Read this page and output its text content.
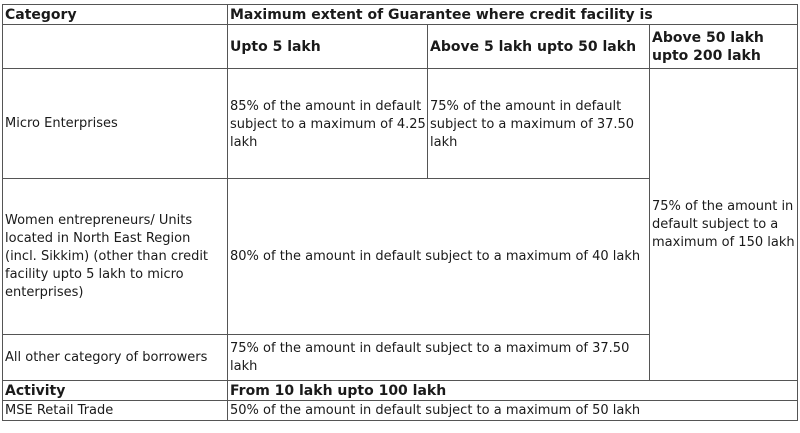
Category	Maximum extent of Guarantee where credit facility is		
	Upto 5 lakh	Above 5 lakh upto 50 lakh	Above 50 lakh upto 200 lakh
Micro Enterprises	85% of the amount in default subject to a maximum of 4.25 lakh	75% of the amount in default subject to a maximum of 37.50 lakh	75% of the amount in default subject to a maximum of 150 lakh
Women entrepreneurs/ Units located in North East Region (incl. Sikkim) (other than credit facility upto 5 lakh to micro enterprises)	80% of the amount in default subject to a maximum of 40 lakh		
All other category of borrowers	75% of the amount in default subject to a maximum of 37.50 lakh		
Activity	From 10 lakh upto 100 lakh		
MSE Retail Trade	50% of the amount in default subject to a maximum of 50 lakh		
